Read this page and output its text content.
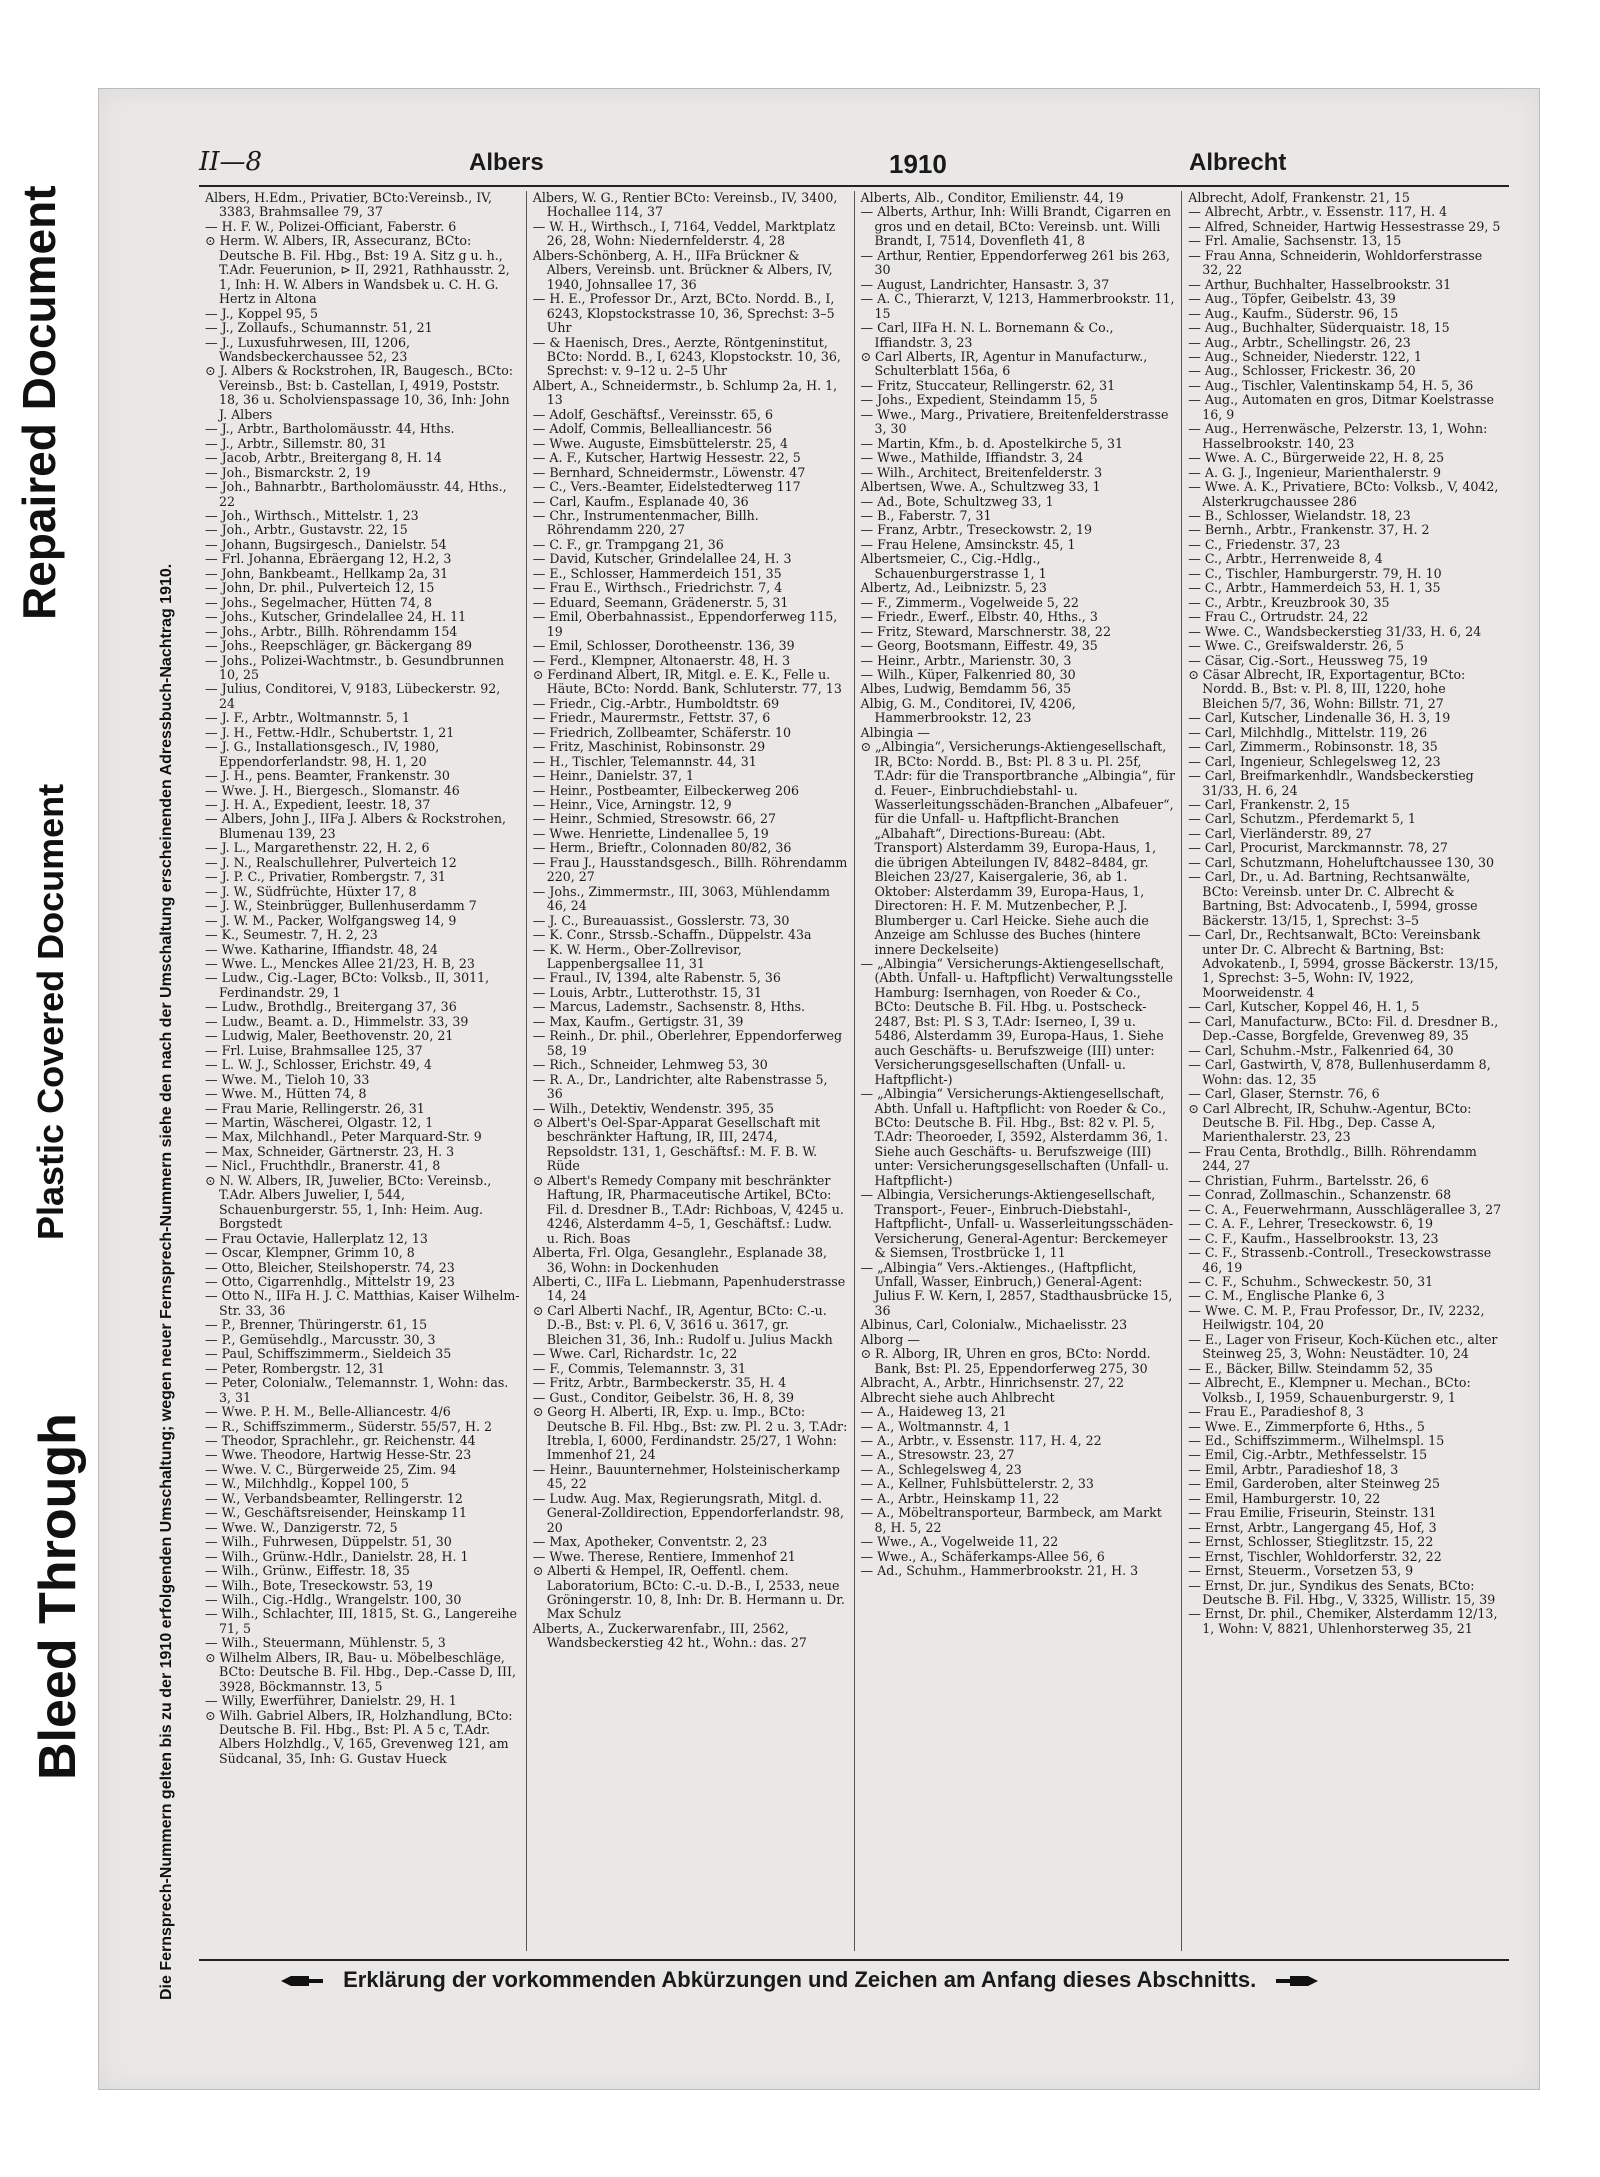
Repaired Document
Plastic Covered Document
Bleed Through
II—8	Albers	1910	Albrecht

Albers, H.Edm., Privatier, BCto:Vereinsb., IV, 3383, Brahmsallee 79, 37

— H. F. W., Polizei-Officiant, Faberstr. 6

⊙ Herm. W. Albers, IR, Assecuranz, BCto: Deutsche B. Fil. Hbg., Bst: 19 A. Sitz g u. h., T.Adr. Feuerunion, ⊳ II, 2921, Rathhausstr. 2, 1, Inh: H. W. Albers in Wandsbek u. C. H. G. Hertz in Altona

— J., Koppel 95, 5

— J., Zollaufs., Schumannstr. 51, 21

— J., Luxusfuhrwesen, III, 1206, Wandsbeckerchaussee 52, 23

⊙ J. Albers & Rockstrohen, IR, Baugesch., BCto: Vereinsb., Bst: b. Castellan, I, 4919, Poststr. 18, 36 u. Scholvienspassage 10, 36, Inh: John J. Albers

— J., Arbtr., Bartholomäusstr. 44, Hths.

— J., Arbtr., Sillemstr. 80, 31

— Jacob, Arbtr., Breitergang 8, H. 14

— Joh., Bismarckstr. 2, 19

— Joh., Bahnarbtr., Bartholomäusstr. 44, Hths., 22

— Joh., Wirthsch., Mittelstr. 1, 23

— Joh., Arbtr., Gustavstr. 22, 15

— Johann, Bugsirgesch., Danielstr. 54

— Frl. Johanna, Ebräergang 12, H.2, 3

— John, Bankbeamt., Hellkamp 2a, 31

— John, Dr. phil., Pulverteich 12, 15

— Johs., Segelmacher, Hütten 74, 8

— Johs., Kutscher, Grindelallee 24, H. 11

— Johs., Arbtr., Billh. Röhrendamm 154

— Johs., Reepschläger, gr. Bäckergang 89

— Johs., Polizei-Wachtmstr., b. Gesundbrunnen 10, 25

— Julius, Conditorei, V, 9183, Lübeckerstr. 92, 24

— J. F., Arbtr., Woltmannstr. 5, 1

— J. H., Fettw.-Hdlr., Schubertstr. 1, 21

— J. G., Installationsgesch., IV, 1980, Eppendorferlandstr. 98, H. 1, 20

— J. H., pens. Beamter, Frankenstr. 30

— Wwe. J. H., Biergesch., Slomanstr. 46

— J. H. A., Expedient, Ieestr. 18, 37

— Albers, John J., IIFa J. Albers & Rockstrohen, Blumenau 139, 23

— J. L., Margarethenstr. 22, H. 2, 6

— J. N., Realschullehrer, Pulverteich 12

— J. P. C., Privatier, Rombergstr. 7, 31

— J. W., Südfrüchte, Hüxter 17, 8

— J. W., Steinbrügger, Bullenhuserdamm 7

— J. W. M., Packer, Wolfgangsweg 14, 9

— K., Seumestr. 7, H. 2, 23

— Wwe. Katharine, Iffiandstr. 48, 24

— Wwe. L., Menckes Allee 21/23, H. B, 23

— Ludw., Cig.-Lager, BCto: Volksb., II, 3011, Ferdinandstr. 29, 1

— Ludw., Brothdlg., Breitergang 37, 36

— Ludw., Beamt. a. D., Himmelstr. 33, 39

— Ludwig, Maler, Beethovenstr. 20, 21

— Frl. Luise, Brahmsallee 125, 37

— L. W. J., Schlosser, Erichstr. 49, 4

— Wwe. M., Tieloh 10, 33

— Wwe. M., Hütten 74, 8

— Frau Marie, Rellingerstr. 26, 31

— Martin, Wäscherei, Olgastr. 12, 1

— Max, Milchhandl., Peter Marquard-Str. 9

— Max, Schneider, Gärtnerstr. 23, H. 3

— Nicl., Fruchthdlr., Branerstr. 41, 8

⊙ N. W. Albers, IR, Juwelier, BCto: Vereinsb., T.Adr. Albers Juwelier, I, 544, Schauenburgerstr. 55, 1, Inh: Heim. Aug. Borgstedt

— Frau Octavie, Hallerplatz 12, 13

— Oscar, Klempner, Grimm 10, 8

— Otto, Bleicher, Steilshoperstr. 74, 23

— Otto, Cigarrenhdlg., Mittelstr 19, 23

— Otto N., IIFa H. J. C. Matthias, Kaiser Wilhelm-Str. 33, 36

— P., Brenner, Thüringerstr. 61, 15

— P., Gemüsehdlg., Marcusstr. 30, 3

— Paul, Schiffszimmerm., Sieldeich 35

— Peter, Rombergstr. 12, 31

— Peter, Colonialw., Telemannstr. 1, Wohn: das. 3, 31

— Wwe. P. H. M., Belle-Alliancestr. 4/6

— R., Schiffszimmerm., Süderstr. 55/57, H. 2

— Theodor, Sprachlehr., gr. Reichenstr. 44

— Wwe. Theodore, Hartwig Hesse-Str. 23

— Wwe. V. C., Bürgerweide 25, Zim. 94

— W., Milchhdlg., Koppel 100, 5

— W., Verbandsbeamter, Rellingerstr. 12

— W., Geschäftsreisender, Heinskamp 11

— Wwe. W., Danzigerstr. 72, 5

— Wilh., Fuhrwesen, Düppelstr. 51, 30

— Wilh., Grünw.-Hdlr., Danielstr. 28, H. 1

— Wilh., Grünw., Eiffestr. 18, 35

— Wilh., Bote, Treseckowstr. 53, 19

— Wilh., Cig.-Hdlg., Wrangelstr. 100, 30

— Wilh., Schlachter, III, 1815, St. G., Langereihe 71, 5

— Wilh., Steuermann, Mühlenstr. 5, 3

⊙ Wilhelm Albers, IR, Bau- u. Möbelbeschläge, BCto: Deutsche B. Fil. Hbg., Dep.-Casse D, III, 3928, Böckmannstr. 13, 5

— Willy, Ewerführer, Danielstr. 29, H. 1

⊙ Wilh. Gabriel Albers, IR, Holzhandlung, BCto: Deutsche B. Fil. Hbg., Bst: Pl. A 5 c, T.Adr. Albers Holzhdlg., V, 165, Grevenweg 121, am Südcanal, 35, Inh: G. Gustav Hueck

Albers, W. G., Rentier BCto: Vereinsb., IV, 3400, Hochallee 114, 37

— W. H., Wirthsch., I, 7164, Veddel, Marktplatz 26, 28, Wohn: Niedernfelderstr. 4, 28

Albers-Schönberg, A. H., IIFa Brückner & Albers, Vereinsb. unt. Brückner & Albers, IV, 1940, Johnsallee 17, 36

— H. E., Professor Dr., Arzt, BCto. Nordd. B., I, 6243, Klopstockstrasse 10, 36, Sprechst: 3–5 Uhr

— & Haenisch, Dres., Aerzte, Röntgeninstitut, BCto: Nordd. B., I, 6243, Klopstockstr. 10, 36, Sprechst: v. 9–12 u. 2–5 Uhr

Albert, A., Schneidermstr., b. Schlump 2a, H. 1, 13

— Adolf, Geschäftsf., Vereinsstr. 65, 6

— Adolf, Commis, Bellealliancestr. 56

— Wwe. Auguste, Eimsbüttelerstr. 25, 4

— A. F., Kutscher, Hartwig Hessestr. 22, 5

— Bernhard, Schneidermstr., Löwenstr. 47

— C., Vers.-Beamter, Eidelstedterweg 117

— Carl, Kaufm., Esplanade 40, 36

— Chr., Instrumentenmacher, Billh. Röhrendamm 220, 27

— C. F., gr. Trampgang 21, 36

— David, Kutscher, Grindelallee 24, H. 3

— E., Schlosser, Hammerdeich 151, 35

— Frau E., Wirthsch., Friedrichstr. 7, 4

— Eduard, Seemann, Grädenerstr. 5, 31

— Emil, Oberbahnassist., Eppendorferweg 115, 19

— Emil, Schlosser, Dorotheenstr. 136, 39

— Ferd., Klempner, Altonaerstr. 48, H. 3

⊙ Ferdinand Albert, IR, Mitgl. e. E. K., Felle u. Häute, BCto: Nordd. Bank, Schluterstr. 77, 13

— Friedr., Cig.-Arbtr., Humboldtstr. 69

— Friedr., Maurermstr., Fettstr. 37, 6

— Friedrich, Zollbeamter, Schäferstr. 10

— Fritz, Maschinist, Robinsonstr. 29

— H., Tischler, Telemannstr. 44, 31

— Heinr., Danielstr. 37, 1

— Heinr., Postbeamter, Eilbeckerweg 206

— Heinr., Vice, Arningstr. 12, 9

— Heinr., Schmied, Stresowstr. 66, 27

— Wwe. Henriette, Lindenallee 5, 19

— Herm., Brieftr., Colonnaden 80/82, 36

— Frau J., Hausstandsgesch., Billh. Röhrendamm 220, 27

— Johs., Zimmermstr., III, 3063, Mühlendamm 46, 24

— J. C., Bureauassist., Gosslerstr. 73, 30

— K. Conr., Strssb.-Schaffn., Düppelstr. 43a

— K. W. Herm., Ober-Zollrevisor, Lappenbergsallee 11, 31

— Fraul., IV, 1394, alte Rabenstr. 5, 36

— Louis, Arbtr., Lutterothstr. 15, 31

— Marcus, Lademstr., Sachsenstr. 8, Hths.

— Max, Kaufm., Gertigstr. 31, 39

— Reinh., Dr. phil., Oberlehrer, Eppendorferweg 58, 19

— Rich., Schneider, Lehmweg 53, 30

— R. A., Dr., Landrichter, alte Rabenstrasse 5, 36

— Wilh., Detektiv, Wendenstr. 395, 35

⊙ Albert's Oel-Spar-Apparat Gesellschaft mit beschränkter Haftung, IR, III, 2474, Repsoldstr. 131, 1, Geschäftsf.: M. F. B. W. Rüde

⊙ Albert's Remedy Company mit beschränkter Haftung, IR, Pharmaceutische Artikel, BCto: Fil. d. Dresdner B., T.Adr: Richboas, V, 4245 u. 4246, Alsterdamm 4–5, 1, Geschäftsf.: Ludw. u. Rich. Boas

Alberta, Frl. Olga, Gesanglehr., Esplanade 38, 36, Wohn: in Dockenhuden

Alberti, C., IIFa L. Liebmann, Papenhuderstrasse 14, 24

⊙ Carl Alberti Nachf., IR, Agentur, BCto: C.-u. D.-B., Bst: v. Pl. 6, V, 3616 u. 3617, gr. Bleichen 31, 36, Inh.: Rudolf u. Julius Mackh

— Wwe. Carl, Richardstr. 1c, 22

— F., Commis, Telemannstr. 3, 31

— Fritz, Arbtr., Barmbeckerstr. 35, H. 4

— Gust., Conditor, Geibelstr. 36, H. 8, 39

⊙ Georg H. Alberti, IR, Exp. u. Imp., BCto: Deutsche B. Fil. Hbg., Bst: zw. Pl. 2 u. 3, T.Adr: Itrebla, I, 6000, Ferdinandstr. 25/27, 1 Wohn: Immenhof 21, 24

— Heinr., Bauunternehmer, Holsteinischerkamp 45, 22

— Ludw. Aug. Max, Regierungsrath, Mitgl. d. General-Zolldirection, Eppendorferlandstr. 98, 20

— Max, Apotheker, Conventstr. 2, 23

— Wwe. Therese, Rentiere, Immenhof 21

⊙ Alberti & Hempel, IR, Oeffentl. chem. Laboratorium, BCto: C.-u. D.-B., I, 2533, neue Gröningerstr. 10, 8, Inh: Dr. B. Hermann u. Dr. Max Schulz

Alberts, A., Zuckerwarenfabr., III, 2562, Wandsbeckerstieg 42 ht., Wohn.: das. 27

Alberts, Alb., Conditor, Emilienstr. 44, 19

— Alberts, Arthur, Inh: Willi Brandt, Cigarren en gros und en detail, BCto: Vereinsb. unt. Willi Brandt, I, 7514, Dovenfleth 41, 8

— Arthur, Rentier, Eppendorferweg 261 bis 263, 30

— August, Landrichter, Hansastr. 3, 37

— A. C., Thierarzt, V, 1213, Hammerbrookstr. 11, 15

— Carl, IIFa H. N. L. Bornemann & Co., Iffiandstr. 3, 23

⊙ Carl Alberts, IR, Agentur in Manufacturw., Schulterblatt 156a, 6

— Fritz, Stuccateur, Rellingerstr. 62, 31

— Johs., Expedient, Steindamm 15, 5

— Wwe., Marg., Privatiere, Breitenfelderstrasse 3, 30

— Martin, Kfm., b. d. Apostelkirche 5, 31

— Wwe., Mathilde, Iffiandstr. 3, 24

— Wilh., Architect, Breitenfelderstr. 3

Albertsen, Wwe. A., Schultzweg 33, 1

— Ad., Bote, Schultzweg 33, 1

— B., Faberstr. 7, 31

— Franz, Arbtr., Treseckowstr. 2, 19

— Frau Helene, Amsinckstr. 45, 1

Albertsmeier, C., Cig.-Hdlg., Schauenburgerstrasse 1, 1

Albertz, Ad., Leibnizstr. 5, 23

— F., Zimmerm., Vogelweide 5, 22

— Friedr., Ewerf., Elbstr. 40, Hths., 3

— Fritz, Steward, Marschnerstr. 38, 22

— Georg, Bootsmann, Eiffestr. 49, 35

— Heinr., Arbtr., Marienstr. 30, 3

— Wilh., Küper, Falkenried 80, 30

Albes, Ludwig, Bemdamm 56, 35

Albig, G. M., Conditorei, IV, 4206, Hammerbrookstr. 12, 23

Albingia —

⊙ „Albingia“, Versicherungs-Aktiengesellschaft, IR, BCto: Nordd. B., Bst: Pl. 8 3 u. Pl. 25f, T.Adr: für die Transportbranche „Albingia“, für d. Feuer-, Einbruchdiebstahl- u. Wasserleitungsschäden-Branchen „Albafeuer“, für die Unfall- u. Haftpflicht-Branchen „Albahaft“, Directions-Bureau: (Abt. Transport) Alsterdamm 39, Europa-Haus, 1, die übrigen Abteilungen IV, 8482–8484, gr. Bleichen 23/27, Kaisergalerie, 36, ab 1. Oktober: Alsterdamm 39, Europa-Haus, 1, Directoren: H. F. M. Mutzenbecher, P. J. Blumberger u. Carl Heicke. Siehe auch die Anzeige am Schlusse des Buches (hintere innere Deckelseite)

— „Albingia“ Versicherungs-Aktiengesellschaft, (Abth. Unfall- u. Haftpflicht) Verwaltungsstelle Hamburg: Isernhagen, von Roeder & Co., BCto: Deutsche B. Fil. Hbg. u. Postscheck-2487, Bst: Pl. S 3, T.Adr: Iserneo, I, 39 u. 5486, Alsterdamm 39, Europa-Haus, 1. Siehe auch Geschäfts- u. Berufszweige (III) unter: Versicherungsgesellschaften (Unfall- u. Haftpflicht-)

— „Albingia“ Versicherungs-Aktiengesellschaft, Abth. Unfall u. Haftpflicht: von Roeder & Co., BCto: Deutsche B. Fil. Hbg., Bst: 82 v. Pl. 5, T.Adr: Theoroeder, I, 3592, Alsterdamm 36, 1. Siehe auch Geschäfts- u. Berufszweige (III) unter: Versicherungsgesellschaften (Unfall- u. Haftpflicht-)

— Albingia, Versicherungs-Aktiengesellschaft, Transport-, Feuer-, Einbruch-Diebstahl-, Haftpflicht-, Unfall- u. Wasserleitungsschäden-Versicherung, General-Agentur: Berckemeyer & Siemsen, Trostbrücke 1, 11

— „Albingia“ Vers.-Aktienges., (Haftpflicht, Unfall, Wasser, Einbruch,) General-Agent: Julius F. W. Kern, I, 2857, Stadthausbrücke 15, 36

Albinus, Carl, Colonialw., Michaelisstr. 23

Alborg —

⊙ R. Alborg, IR, Uhren en gros, BCto: Nordd. Bank, Bst: Pl. 25, Eppendorferweg 275, 30

Albracht, A., Arbtr., Hinrichsenstr. 27, 22

Albrecht siehe auch Ahlbrecht

— A., Haideweg 13, 21

— A., Woltmannstr. 4, 1

— A., Arbtr., v. Essenstr. 117, H. 4, 22

— A., Stresowstr. 23, 27

— A., Schlegelsweg 4, 23

— A., Kellner, Fuhlsbüttelerstr. 2, 33

— A., Arbtr., Heinskamp 11, 22

— A., Möbeltransporteur, Barmbeck, am Markt 8, H. 5, 22

— Wwe., A., Vogelweide 11, 22

— Wwe., A., Schäferkamps-Allee 56, 6

— Ad., Schuhm., Hammerbrookstr. 21, H. 3

Albrecht, Adolf, Frankenstr. 21, 15

— Albrecht, Arbtr., v. Essenstr. 117, H. 4

— Alfred, Schneider, Hartwig Hessestrasse 29, 5

— Frl. Amalie, Sachsenstr. 13, 15

— Frau Anna, Schneiderin, Wohldorferstrasse 32, 22

— Arthur, Buchhalter, Hasselbrookstr. 31

— Aug., Töpfer, Geibelstr. 43, 39

— Aug., Kaufm., Süderstr. 96, 15

— Aug., Buchhalter, Süderquaistr. 18, 15

— Aug., Arbtr., Schellingstr. 26, 23

— Aug., Schneider, Niederstr. 122, 1

— Aug., Schlosser, Frickestr. 36, 20

— Aug., Tischler, Valentinskamp 54, H. 5, 36

— Aug., Automaten en gros, Ditmar Koelstrasse 16, 9

— Aug., Herrenwäsche, Pelzerstr. 13, 1, Wohn: Hasselbrookstr. 140, 23

— Wwe. A. C., Bürgerweide 22, H. 8, 25

— A. G. J., Ingenieur, Marienthalerstr. 9

— Wwe. A. K., Privatiere, BCto: Volksb., V, 4042, Alsterkrugchaussee 286

— B., Schlosser, Wielandstr. 18, 23

— Bernh., Arbtr., Frankenstr. 37, H. 2

— C., Friedenstr. 37, 23

— C., Arbtr., Herrenweide 8, 4

— C., Tischler, Hamburgerstr. 79, H. 10

— C., Arbtr., Hammerdeich 53, H. 1, 35

— C., Arbtr., Kreuzbrook 30, 35

— Frau C., Ortrudstr. 24, 22

— Wwe. C., Wandsbeckerstieg 31/33, H. 6, 24

— Wwe. C., Greifswalderstr. 26, 5

— Cäsar, Cig.-Sort., Heussweg 75, 19

⊙ Cäsar Albrecht, IR, Exportagentur, BCto: Nordd. B., Bst: v. Pl. 8, III, 1220, hohe Bleichen 5/7, 36, Wohn: Billstr. 71, 27

— Carl, Kutscher, Lindenalle 36, H. 3, 19

— Carl, Milchhdlg., Mittelstr. 119, 26

— Carl, Zimmerm., Robinsonstr. 18, 35

— Carl, Ingenieur, Schlegelsweg 12, 23

— Carl, Breifmarkenhdlr., Wandsbeckerstieg 31/33, H. 6, 24

— Carl, Frankenstr. 2, 15

— Carl, Schutzm., Pferdemarkt 5, 1

— Carl, Vierländerstr. 89, 27

— Carl, Procurist, Marckmannstr. 78, 27

— Carl, Schutzmann, Hoheluftchaussee 130, 30

— Carl, Dr., u. Ad. Bartning, Rechtsanwälte, BCto: Vereinsb. unter Dr. C. Albrecht & Bartning, Bst: Advocatenb., I, 5994, grosse Bäckerstr. 13/15, 1, Sprechst: 3–5

— Carl, Dr., Rechtsanwalt, BCto: Vereinsbank unter Dr. C. Albrecht & Bartning, Bst: Advokatenb., I, 5994, grosse Bäckerstr. 13/15, 1, Sprechst: 3–5, Wohn: IV, 1922, Moorweidenstr. 4

— Carl, Kutscher, Koppel 46, H. 1, 5

— Carl, Manufacturw., BCto: Fil. d. Dresdner B., Dep.-Casse, Borgfelde, Grevenweg 89, 35

— Carl, Schuhm.-Mstr., Falkenried 64, 30

— Carl, Gastwirth, V, 878, Bullenhuserdamm 8, Wohn: das. 12, 35

— Carl, Glaser, Sternstr. 76, 6

⊙ Carl Albrecht, IR, Schuhw.-Agentur, BCto: Deutsche B. Fil. Hbg., Dep. Casse A, Marienthalerstr. 23, 23

— Frau Centa, Brothdlg., Billh. Röhrendamm 244, 27

— Christian, Fuhrm., Bartelsstr. 26, 6

— Conrad, Zollmaschin., Schanzenstr. 68

— C. A., Feuerwehrmann, Ausschlägerallee 3, 27

— C. A. F., Lehrer, Treseckowstr. 6, 19

— C. F., Kaufm., Hasselbrookstr. 13, 23

— C. F., Strassenb.-Controll., Treseckowstrasse 46, 19

— C. F., Schuhm., Schweckestr. 50, 31

— C. M., Englische Planke 6, 3

— Wwe. C. M. P., Frau Professor, Dr., IV, 2232, Heilwigstr. 104, 20

— E., Lager von Friseur, Koch-Küchen etc., alter Steinweg 25, 3, Wohn: Neustädter. 10, 24

— E., Bäcker, Billw. Steindamm 52, 35

— Albrecht, E., Klempner u. Mechan., BCto: Volksb., I, 1959, Schauenburgerstr. 9, 1

— Frau E., Paradieshof 8, 3

— Wwe. E., Zimmerpforte 6, Hths., 5

— Ed., Schiffszimmerm., Wilhelmspl. 15

— Emil, Cig.-Arbtr., Methfesselstr. 15

— Emil, Arbtr., Paradieshof 18, 3

— Emil, Garderoben, alter Steinweg 25

— Emil, Hamburgerstr. 10, 22

— Frau Emilie, Friseurin, Steinstr. 131

— Ernst, Arbtr., Langergang 45, Hof, 3

— Ernst, Schlosser, Stieglitzstr. 15, 22

— Ernst, Tischler, Wohldorferstr. 32, 22

— Ernst, Steuerm., Vorsetzen 53, 9

— Ernst, Dr. jur., Syndikus des Senats, BCto: Deutsche B. Fil. Hbg., V, 3325, Willistr. 15, 39

— Ernst, Dr. phil., Chemiker, Alsterdamm 12/13, 1, Wohn: V, 8821, Uhlenhorsterweg 35, 21

Erklärung der vorkommenden Abkürzungen und Zeichen am Anfang dieses Abschnitts.
Die Fernsprech-Nummern gelten bis zu der 1910 erfolgenden Umschaltung; wegen neuer Fernsprech-Nummern siehe den nach der Umschaltung erscheinenden Adressbuch-Nachtrag 1910.
